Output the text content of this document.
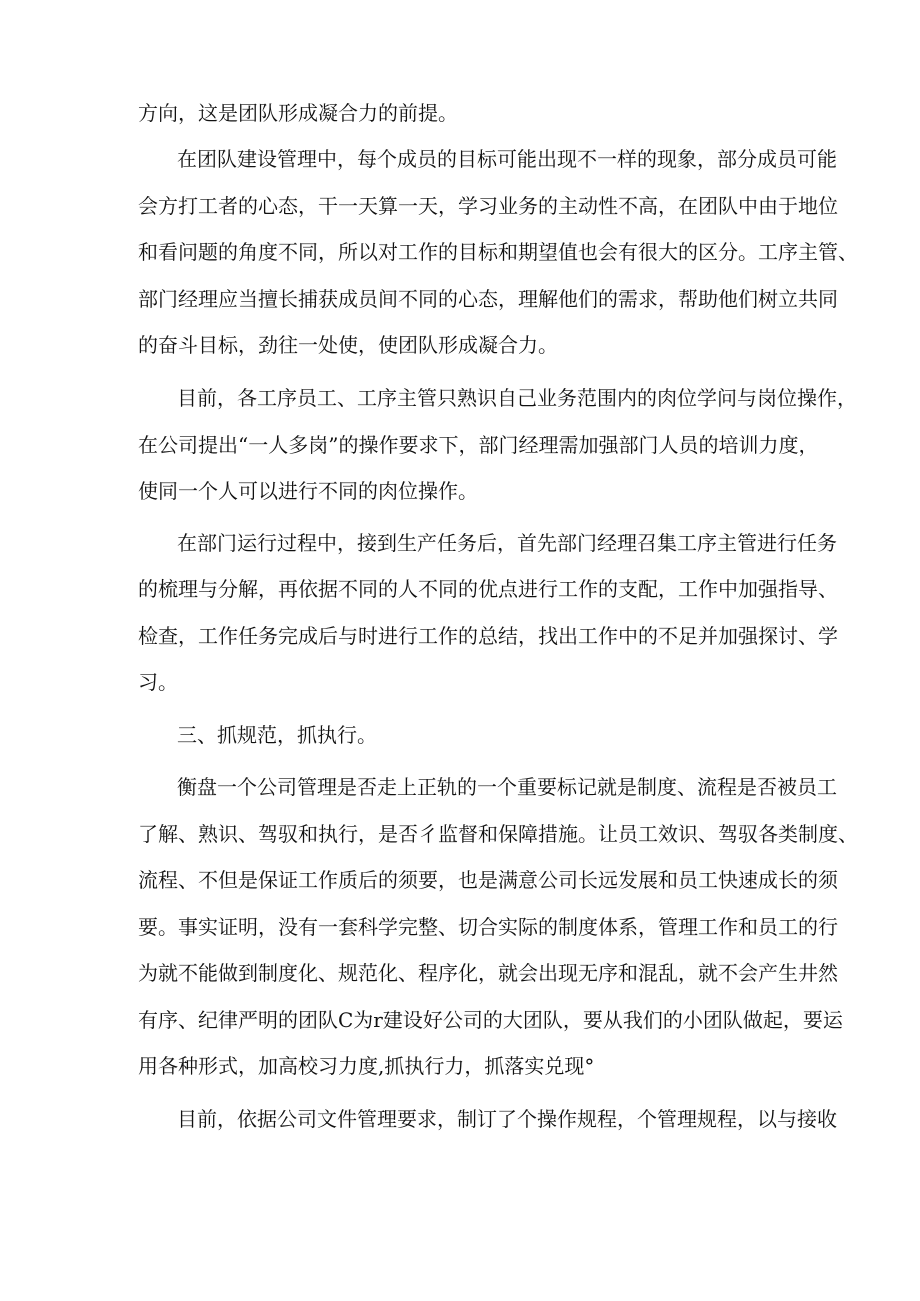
方向，这是团队形成凝合力的前提。
在团队建设管理中，每个成员的目标可能出现不一样的现象，部分成员可能
会方打工者的心态，干一天算一天，学习业务的主动性不高，在团队中由于地位
和看问题的角度不同，所以对工作的目标和期望值也会有很大的区分。工序主管、
部门经理应当擅长捕获成员间不同的心态，理解他们的需求，帮助他们树立共同
的奋斗目标，劲往一处使，使团队形成凝合力。
目前，各工序员工、工序主管只熟识自己业务范围内的肉位学问与岗位操作，
在公司提出“一人多岗”的操作要求下，部门经理需加强部门人员的培训力度，
使同一个人可以进行不同的肉位操作。
在部门运行过程中，接到生产任务后，首先部门经理召集工序主管进行任务
的梳理与分解，再依据不同的人不同的优点进行工作的支配，工作中加强指导、
检查，工作任务完成后与时进行工作的总结，找出工作中的不足并加强探讨、学
习。
三、抓规范，抓执行。
衡盘一个公司管理是否走上正轨的一个重要标记就是制度、流程是否被员工
了解、熟识、驾驭和执行，是否彳监督和保障措施。让员工效识、驾驭各类制度、
流程、不但是保证工作质后的须要，也是满意公司长远发展和员工快速成长的须
要。事实证明，没有一套科学完整、切合实际的制度体系，管理工作和员工的行
为就不能做到制度化、规范化、程序化，就会出现无序和混乱，就不会产生井然
有序、纪律严明的团队C为r建设好公司的大团队，要从我们的小团队做起，要运
用各种形式，加高校习力度,抓执行力，抓落实兑现°
目前，依据公司文件管理要求，制订了个操作规程，个管理规程，以与接收
